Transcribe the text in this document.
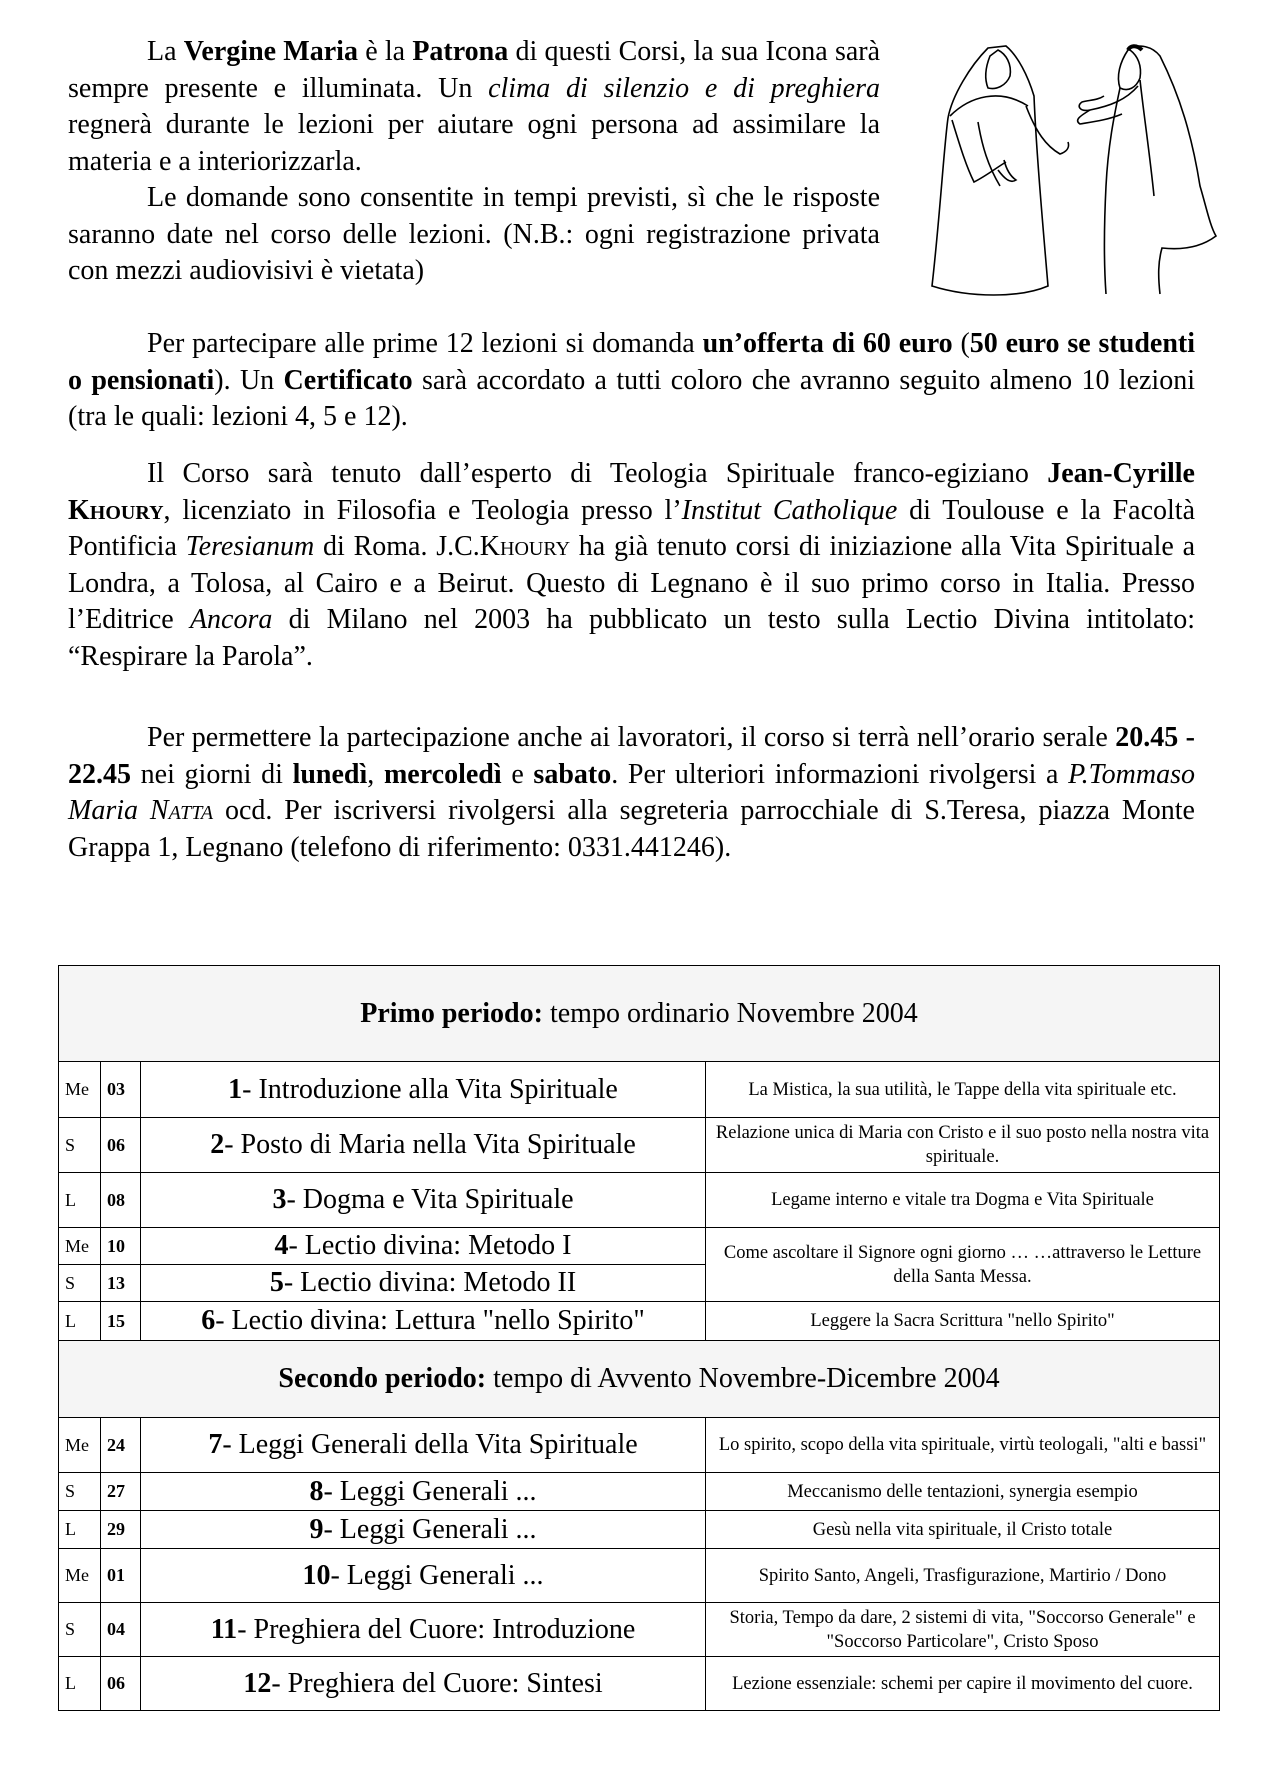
La Vergine Maria è la Patrona di questi Corsi, la sua Icona sarà sempre presente e illuminata. Un clima di silenzio e di preghiera regnerà durante le lezioni per aiutare ogni persona ad assimilare la materia e a interiorizzarla.

Le domande sono consentite in tempi previsti, sì che le risposte saranno date nel corso delle lezioni. (N.B.: ogni registrazione privata con mezzi audiovisivi è vietata)

Per partecipare alle prime 12 lezioni si domanda un’offerta di 60 euro (50 euro se studenti o pensionati). Un Certificato sarà accordato a tutti coloro che avranno seguito almeno 10 lezioni (tra le quali: lezioni 4, 5 e 12).

Il Corso sarà tenuto dall’esperto di Teologia Spirituale franco-egiziano Jean-Cyrille Khoury, licenziato in Filosofia e Teologia presso l’Institut Catholique di Toulouse e la Facoltà Pontificia Teresianum di Roma. J.C.Khoury ha già tenuto corsi di iniziazione alla Vita Spirituale a Londra, a Tolosa, al Cairo e a Beirut. Questo di Legnano è il suo primo corso in Italia. Presso l’Editrice Ancora di Milano nel 2003 ha pubblicato un testo sulla Lectio Divina intitolato: “Respirare la Parola”.

Per permettere la partecipazione anche ai lavoratori, il corso si terrà nell’orario serale 20.45 - 22.45 nei giorni di lunedì, mercoledì e sabato. Per ulteriori informazioni rivolgersi a P.Tommaso Maria Natta ocd. Per iscriversi rivolgersi alla segreteria parrocchiale di S.Teresa, piazza Monte Grappa 1, Legnano (telefono di riferimento: 0331.441246).

Primo periodo: tempo ordinario Novembre 2004			
Me	03	1- Introduzione alla Vita Spirituale	La Mistica, la sua utilità, le Tappe della vita spirituale etc.
S	06	2- Posto di Maria nella Vita Spirituale	Relazione unica di Maria con Cristo e il suo posto nella nostra vita spirituale.
L	08	3- Dogma e Vita Spirituale	Legame interno e vitale tra Dogma e Vita Spirituale
Me	10	4- Lectio divina: Metodo I	Come ascoltare il Signore ogni giorno … …attraverso le Letture della Santa Messa.
S	13	5- Lectio divina: Metodo II	
L	15	6- Lectio divina: Lettura "nello Spirito"	Leggere la Sacra Scrittura "nello Spirito"
Secondo periodo: tempo di Avvento Novembre-Dicembre 2004			
Me	24	7- Leggi Generali della Vita Spirituale	Lo spirito, scopo della vita spirituale, virtù teologali, "alti e bassi"
S	27	8- Leggi Generali ...	Meccanismo delle tentazioni, synergia esempio
L	29	9- Leggi Generali ...	Gesù nella vita spirituale, il Cristo totale
Me	01	10- Leggi Generali ...	Spirito Santo, Angeli, Trasfigurazione, Martirio / Dono
S	04	11- Preghiera del Cuore: Introduzione	Storia, Tempo da dare, 2 sistemi di vita, "Soccorso Generale" e "Soccorso Particolare", Cristo Sposo
L	06	12- Preghiera del Cuore: Sintesi	Lezione essenziale: schemi per capire il movimento del cuore.
